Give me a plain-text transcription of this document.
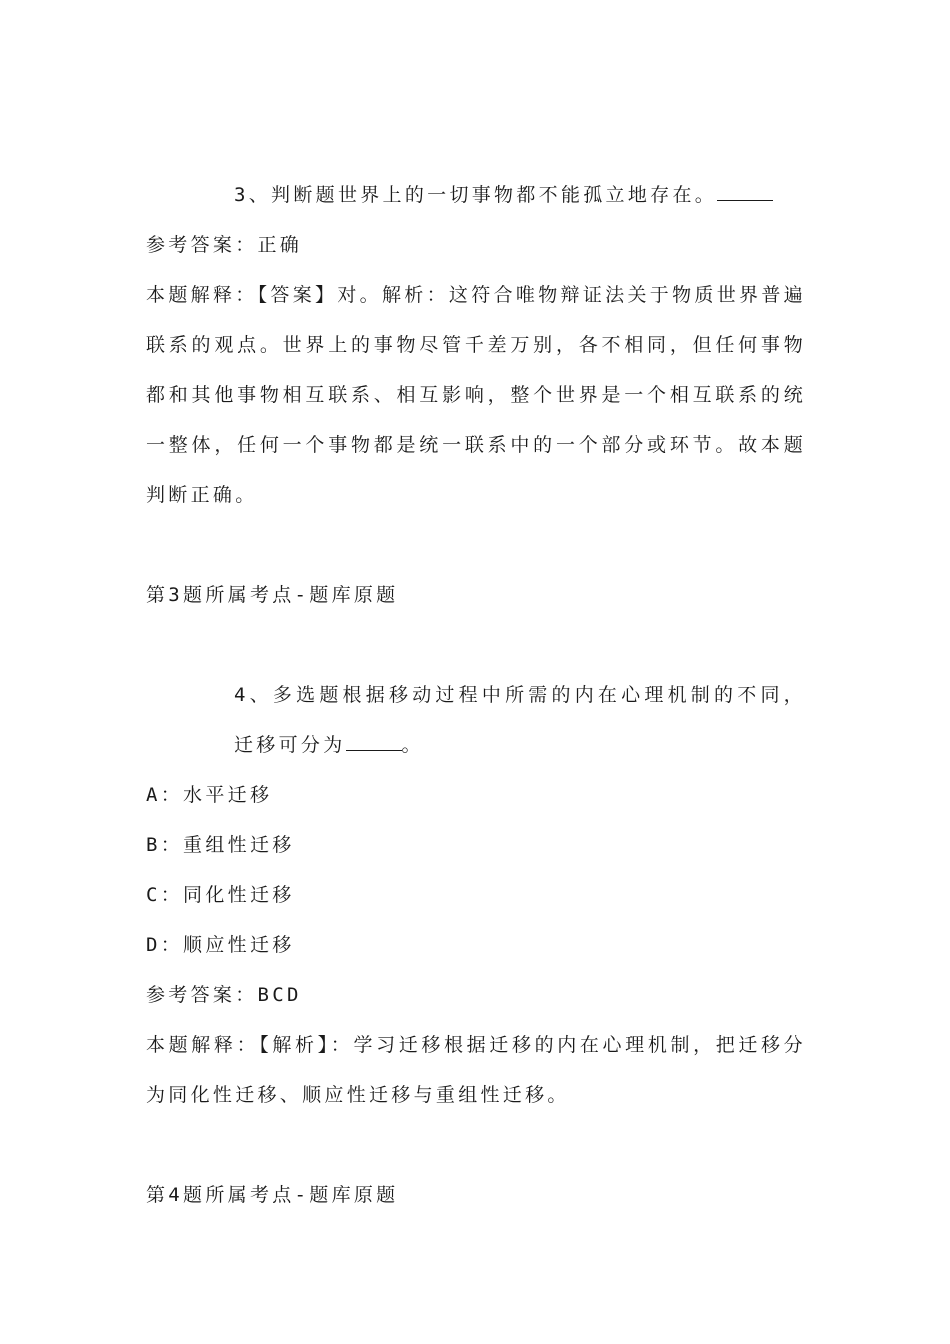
3、判断题世界上的一切事物都不能孤立地存在。
参考答案：正确
本题解释：【答案】对。解析：这符合唯物辩证法关于物质世界普遍联系的观点。世界上的事物尽管千差万别，各不相同，但任何事物都和其他事物相互联系、相互影响，整个世界是一个相互联系的统一整体，任何一个事物都是统一联系中的一个部分或环节。故本题判断正确。
第3题所属考点-题库原题
4、多选题根据移动过程中所需的内在心理机制的不同，迁移可分为	。
A：水平迁移
B：重组性迁移
C：同化性迁移
D：顺应性迁移
参考答案：BCD
本题解释：【解析】：学习迁移根据迁移的内在心理机制，把迁移分为同化性迁移、顺应性迁移与重组性迁移。
第4题所属考点-题库原题
